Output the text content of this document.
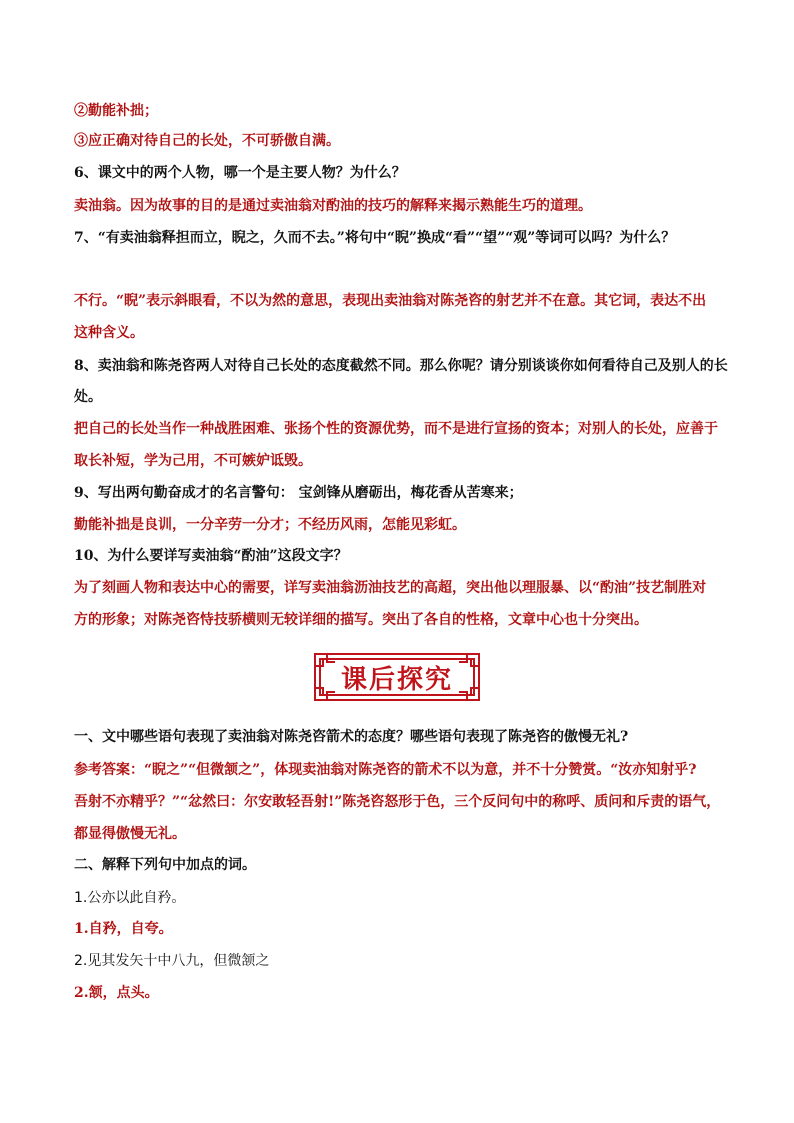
②勤能补拙；
③应正确对待自己的长处，不可骄傲自满。
6、课文中的两个人物，哪一个是主要人物？为什么？
卖油翁。因为故事的目的是通过卖油翁对酌油的技巧的解释来揭示熟能生巧的道理。
7、“有卖油翁释担而立，睨之，久而不去。”将句中“睨”换成“看”“望”“观”等词可以吗？为什么？
不行。“睨”表示斜眼看，不以为然的意思，表现出卖油翁对陈尧咨的射艺并不在意。其它词，表达不出
这种含义。
8、卖油翁和陈尧咨两人对待自己长处的态度截然不同。那么你呢？请分别谈谈你如何看待自己及别人的长
处。
把自己的长处当作一种战胜困难、张扬个性的资源优势，而不是进行宣扬的资本；对别人的长处，应善于
取长补短，学为己用，不可嫉妒诋毁。
9、写出两句勤奋成才的名言警句： 宝剑锋从磨砺出，梅花香从苦寒来；
勤能补拙是良训，一分辛劳一分才；不经历风雨，怎能见彩虹。
10、为什么要详写卖油翁“酌油”这段文字？
为了刻画人物和表达中心的需要，详写卖油翁沥油技艺的高超，突出他以理服暴、以“酌油”技艺制胜对
方的形象；对陈尧咨恃技骄横则无较详细的描写。突出了各自的性格，文章中心也十分突出。
课后探究
一、文中哪些语句表现了卖油翁对陈尧咨箭术的态度？哪些语句表现了陈尧咨的傲慢无礼?
参考答案：“睨之”“但微颔之”，体现卖油翁对陈尧咨的箭术不以为意，并不十分赞赏。“汝亦知射乎?
吾射不亦精乎？”“忿然曰：尔安敢轻吾射!”陈尧咨怒形于色，三个反问句中的称呼、质问和斥责的语气，
都显得傲慢无礼。
二、解释下列句中加点的词。
1.公亦以此自矜。
1.自矜，自夸。
2.见其发矢十中八九，但微颔之
2.颔，点头。
